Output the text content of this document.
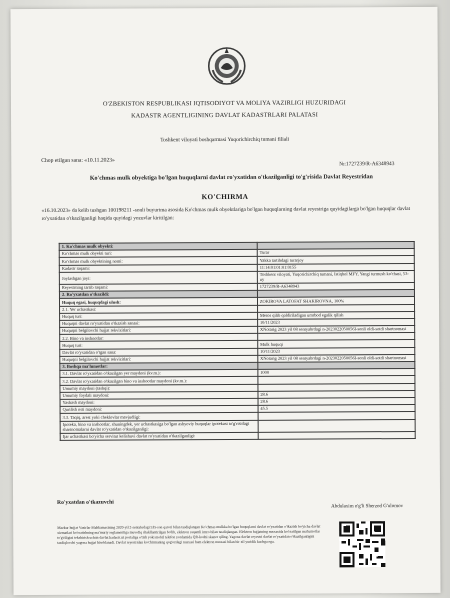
O'ZBEKISTON RESPUBLIKASI IQTISODIYOT VA MOLIYA VAZIRLIGI HUZURIDAGI
KADASTR AGENTLIGINING DAVLAT KADASTRLARI PALATASI
Toshkent viloyati boshqarmasi Yuqorichirchiq tumani filiali
Chop etilgan sana: «10.11.2023»
№:1727239/R-A6348943
Ko'chmas mulk obyektiga bo'lgan huquqlarni davlat ro'yxatidan o'tkazilganligi to'g'risida Davlat Reyestridan
KO'CHIRMA
«16.10.2023» da kelib tushgan 100198211 -sonli buyurtma asosida Ko'chmas mulk obyektlariga bo'lgan huquqlarning davlat reyestriga quyidagilarga bo'lgan huquqlar davlat ro'yxatidan o'tkazilganligi haqida quyidagi yozuvlar kiritilgan:
1. Ko'chmas mulk obyekti:	
Ko'chmas mulk obyekti turi:	Turar
Ko'chmas mulk obyektining nomi:	Yakka tartibdagi turarjoy
Kadastr raqami:	11:14:01:01:01:0155
Joylashgan joyi:	Toshkent viloyati, Yuqorichirchiq tumani, Istiqbol MFY, Yangi turmush ko'chasi, 53-uy
Reyestrning tartib raqami:	1727239/R-A6348943
2. Ro'yxatdan o'tkazildi:	
Huquq egasi, huquqdagi ulush:	ZOKIROVA LATOFAT SHAKIROVNA, 100%
2.1. Yer uchastkasi:	
Huquq turi:	Meros qilib qoldiriladigan umrbod egalik qilish
Huquqni davlat ro'yxatidan o'tkazish sanasi:	10/11/2023
Huquqni belgilovchi hujjat rekvizitlari:	XNotarig 2023 yil 08 sentyabrdagi n-2023022050056I-sonli oldi-sotdi shartnomasi
2.2. Bino va inshootlar:	
Huquq turi:	Mulk huquqi
Davlat ro'yxatidan o'tgan sana:	10/11/2023
Huquqni belgilovchi hujjat rekvizitlari:	XNotarig 2023 yil 08 sentyabrdagi n-2023022050056I-sonli oldi-sotdi shartnomasi
3. Boshqa ma'lumotlar:	
3.1. Davlat ro'yxatidan o'tkazilgan yer maydoni (kv.m.):	1000
3.2. Davlat ro'yxatidan o'tkazilgan bino va inshootlar maydoni (kv.m.):	
Umumiy maydoni (tashqi):	
Umumiy foydali maydoni:	28.6
Yashash maydoni:	28.6
Qurilish osti maydoni:	45.5
3.3. Taqiq, arest yoki cheklovlar mavjudligi:	
Ipoteka, bino va inshootlar, shuningdek, yer uchastkasiga bo'lgan ashyoviy huquqlar ipotekasi to'g'risidagi shartnomalarni davlat ro'yxatidan o'tkazilganligi:	
Ijar uchastkasi bo'yicha servitut kelishuvi davlat ro'yxatidan o'tkazilganligi:	
Ro'yxatdan o'tkazuvchi
Abdulaxim o'g'li Sherzod G'ulomov
Mazkur hujjat Vazirlar Mahkamasining 2020-yil 2-sentabrdagi 535-son qarori bilan tasdiqlangan Ko'chmas mulkka bo'lgan huquqlarni davlat ro'yxatidan o'tkazish bo'yicha davlat xizmatlari ko'rsatishning ma'muriy reglamentiga muvofiq shakllantirilgan bo'lib, elektron raqamli imzo bilan tasdiqlangan. Elektron hujjatning nusxasida ko'rsatilgan ma'lumotlar to'g'riligini tekshirish uchun davlat.kadastr.uz portaliga o'tish yoki mobil telefon yordamida QR-kodni skaner qiling. Yagona davlat reyestri davlat ro'yxatidan o'tkazilganligini tasdiqlovchi yagona hujjat hisoblanadi. Davlat reyestridan ko'chirmaning qog'ozdagi nusxasi ham elektron nusxasi bilan bir xil yuridik kuchga ega.
